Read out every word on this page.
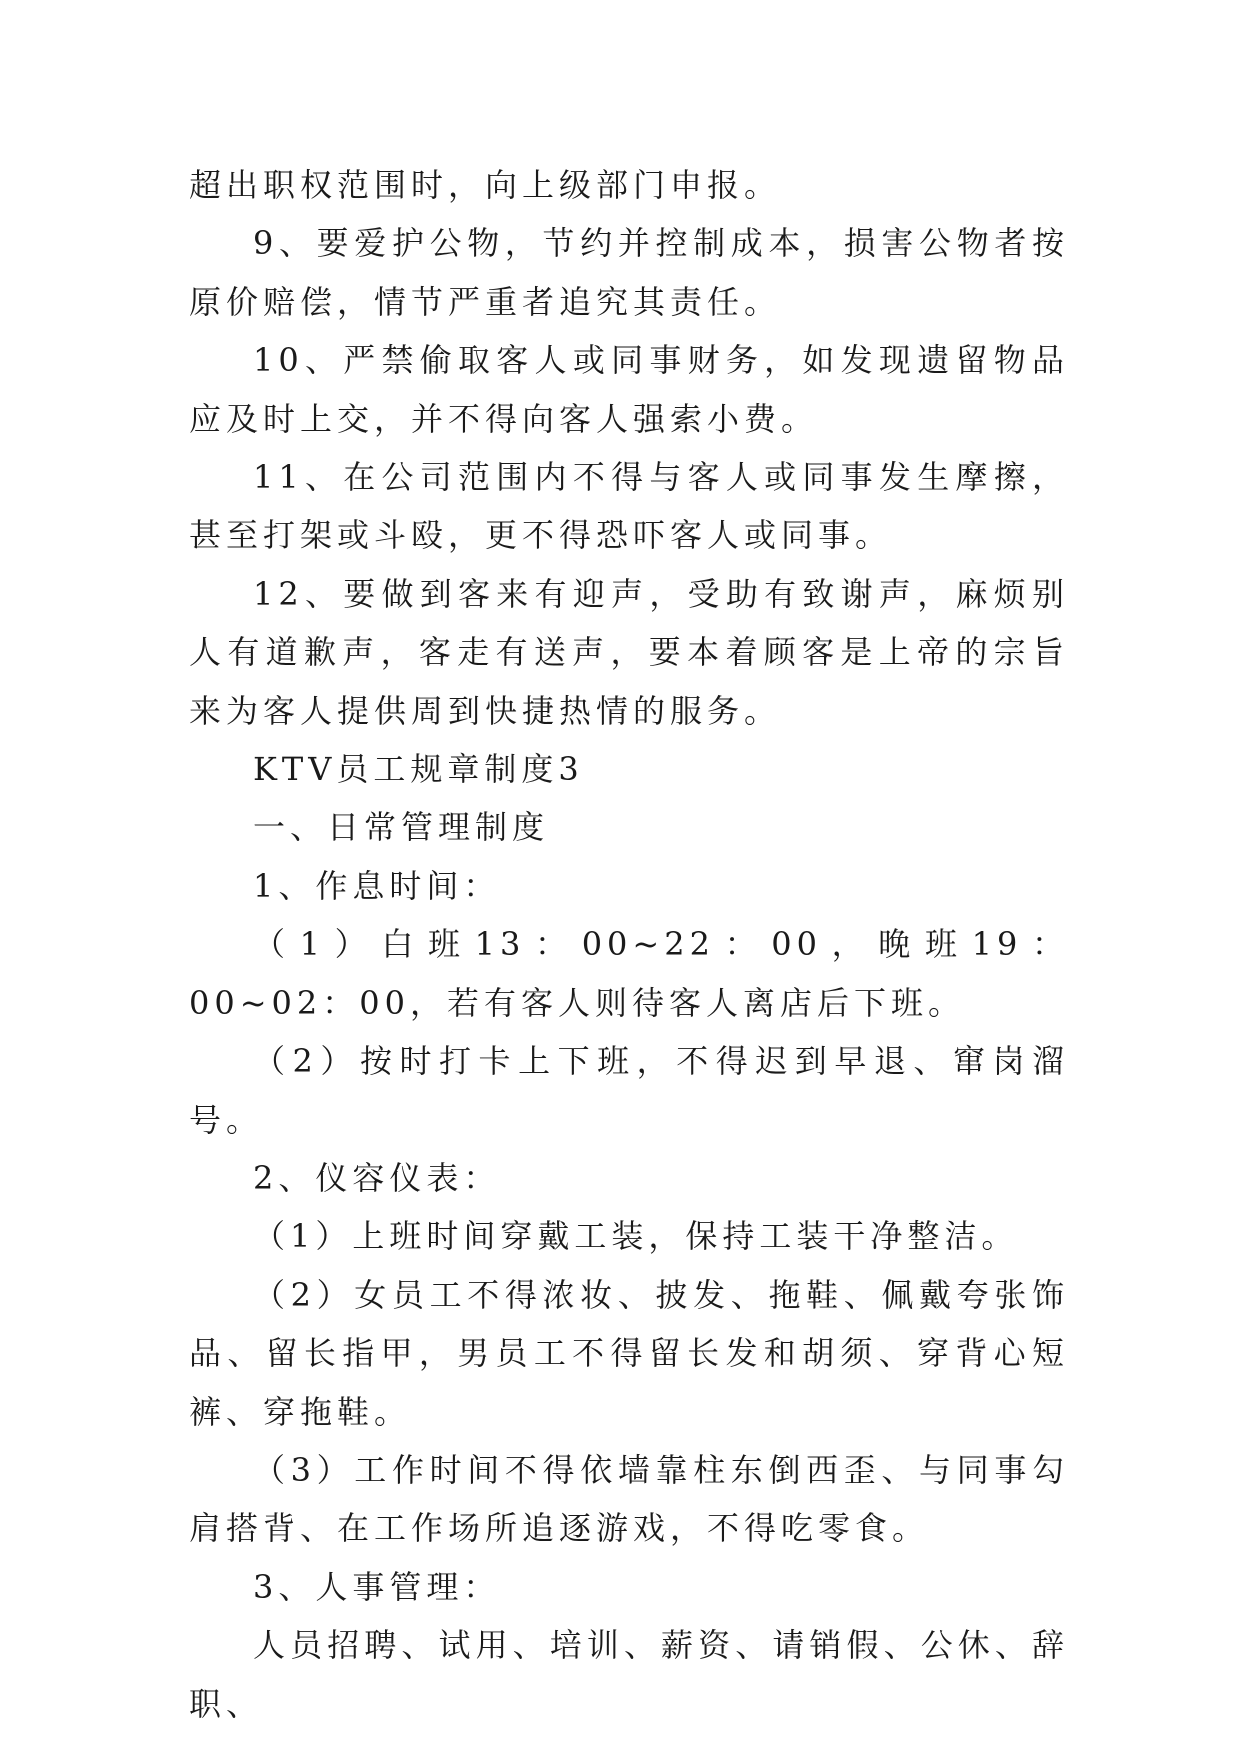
超出职权范围时，向上级部门申报。

9、要爱护公物，节约并控制成本，损害公物者按原价赔偿，情节严重者追究其责任。

10、严禁偷取客人或同事财务，如发现遗留物品应及时上交，并不得向客人强索小费。

11、在公司范围内不得与客人或同事发生摩擦，甚至打架或斗殴，更不得恐吓客人或同事。

12、要做到客来有迎声，受助有致谢声，麻烦别人有道歉声，客走有送声，要本着顾客是上帝的宗旨来为客人提供周到快捷热情的服务。

KTV员工规章制度3

一、日常管理制度

1、作息时间：

（1）白班13：00~22：00，晚班19：00~02：00，若有客人则待客人离店后下班。

（2）按时打卡上下班，不得迟到早退、窜岗溜号。

2、仪容仪表：

（1）上班时间穿戴工装，保持工装干净整洁。

（2）女员工不得浓妆、披发、拖鞋、佩戴夸张饰品、留长指甲，男员工不得留长发和胡须、穿背心短裤、穿拖鞋。

（3）工作时间不得依墙靠柱东倒西歪、与同事勾肩搭背、在工作场所追逐游戏，不得吃零食。

3、人事管理：

人员招聘、试用、培训、薪资、请销假、公休、辞职、
